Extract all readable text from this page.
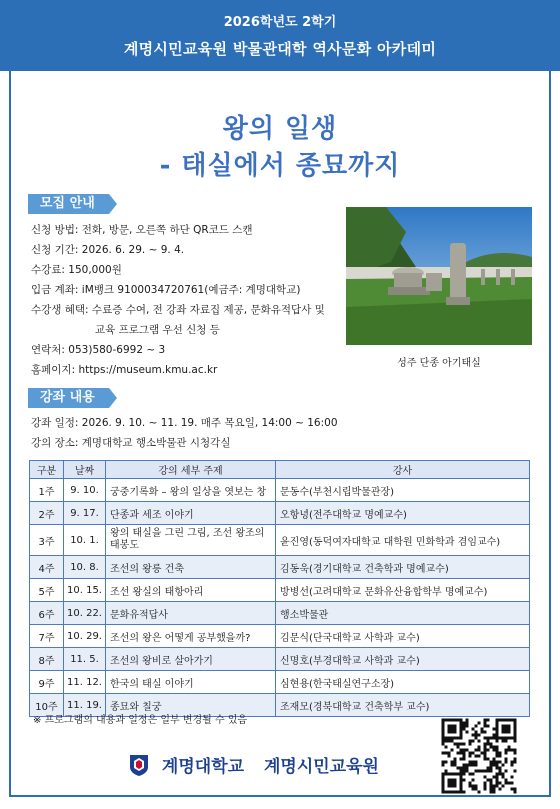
2026학년도 2학기
계명시민교육원 박물관대학 역사문화 아카데미
왕의 일생
- 태실에서 종묘까지
모집 안내
신청 방법: 전화, 방문, 오른쪽 하단 QR코드 스캔
신청 기간: 2026. 6. 29. ~ 9. 4.
수강료: 150,000원
입금 계좌: iM뱅크 9100034720761(예금주: 계명대학교)
수강생 혜택: 수료증 수여, 전 강좌 자료집 제공, 문화유적답사 및
교육 프로그램 우선 신청 등
연락처: 053)580-6992 ~ 3
홈페이지: https://museum.kmu.ac.kr
성주 단종 아기태실
강좌 내용
강좌 일정: 2026. 9. 10. ~ 11. 19. 매주 목요일, 14:00 ~ 16:00
강의 장소: 계명대학교 행소박물관 시청각실
구분	날짜	강의 세부 주제	강사
1주	9. 10.	궁중기록화 – 왕의 일상을 엿보는 창	문동수(부천시립박물관장)
2주	9. 17.	단종과 세조 이야기	오항녕(전주대학교 명예교수)
3주	10. 1.	왕의 태실을 그린 그림, 조선 왕조의 태봉도	윤진영(동덕여자대학교 대학원 민화학과 겸임교수)
4주	10. 8.	조선의 왕릉 건축	김동욱(경기대학교 건축학과 명예교수)
5주	10. 15.	조선 왕실의 태항아리	방병선(고려대학교 문화유산융합학부 명예교수)
6주	10. 22.	문화유적답사	행소박물관
7주	10. 29.	조선의 왕은 어떻게 공부했을까?	김문식(단국대학교 사학과 교수)
8주	11. 5.	조선의 왕비로 살아가기	신명호(부경대학교 사학과 교수)
9주	11. 12.	한국의 태실 이야기	심현용(한국태실연구소장)
10주	11. 19.	종묘와 칠궁	조재모(경북대학교 건축학부 교수)
※ 프로그램의 내용과 일정은 일부 변경될 수 있음
계명대학교 계명시민교육원
